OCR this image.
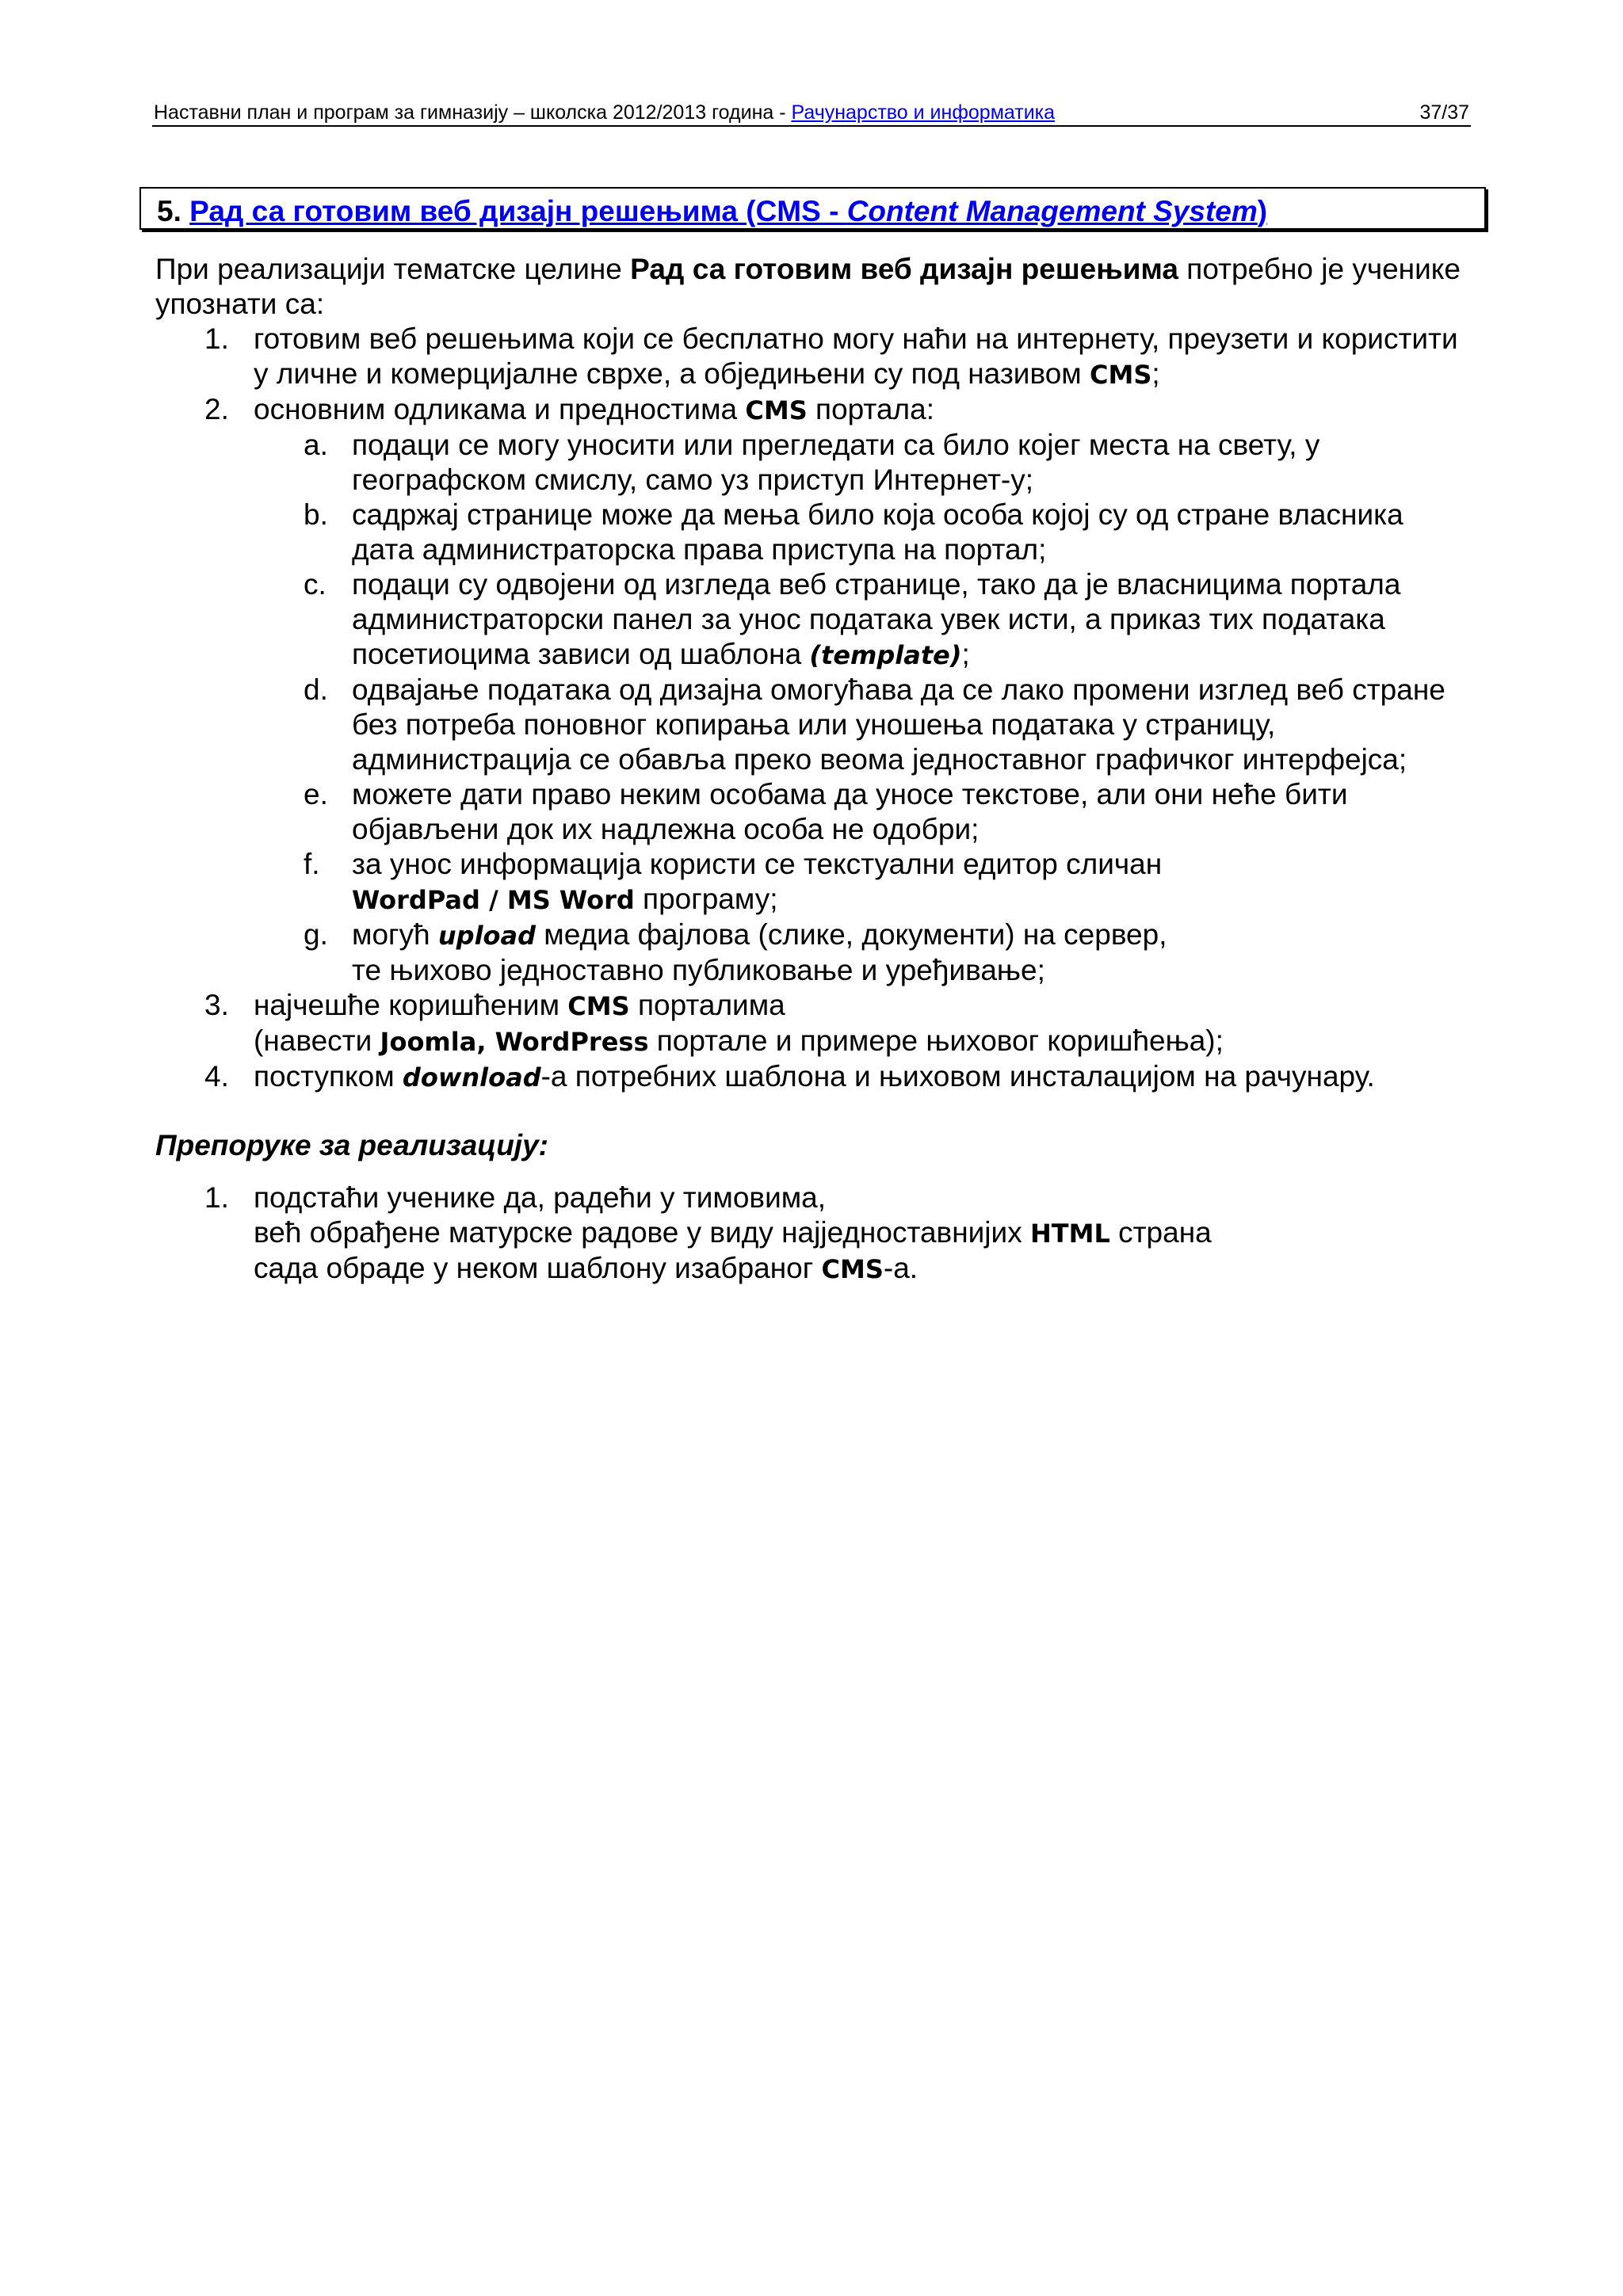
Наставни план и програм за гимназију – школска 2012/2013 година - Рачунарство и информатика	37/37
5. Рад са готовим веб дизајн решењима (CMS - Content Management System)

При реализацији тематске целине Рад са готовим веб дизајн решењима потребно је ученике упознати са:

1. готовим веб решењима који се бесплатно могу наћи на интернету, преузети и користити у личне и комерцијалне сврхе, а обједињени су под називом CMS;
2. основним одликама и предностима CMS портала:
a. подаци се могу уносити или прегледати са било којег места на свету, у географском смислу, само уз приступ Интернет-у;
b. садржај странице може да мења било која особа којој су од стране власника дата администраторска права приступа на портал;
c. подаци су одвојени од изгледа веб странице, тако да је власницима портала администраторски панел за унос података увек исти, а приказ тих података посетиоцима зависи од шаблона (template);
d. одвајање података од дизајна омогућава да се лако промени изглед веб стране без потреба поновног копирања или уношења података у страницу, администрација се обавља преко веома једноставног графичког интерфејса;
e. можете дати право неким особама да уносе текстове, али они неће бити објављени док их надлежна особа не одобри;
f. за унос информација користи се текстуални едитор сличан
WordPad / MS Word програму;
g. могућ upload медиа фајлова (слике, документи) на сервер,
те њихово једноставно публиковање и уређивање;
3. најчешће коришћеним CMS порталима
(навести Joomla, WordPress портале и примере њиховог коришћења);
4. поступком download-а потребних шаблона и њиховом инсталацијом на рачунару.

Препоруке за реализацију:

1. подстаћи ученике да, радећи у тимовима,
већ обрађене матурске радове у виду најједноставнијих HTML страна
сада обраде у неком шаблону изабраног CMS-а.
